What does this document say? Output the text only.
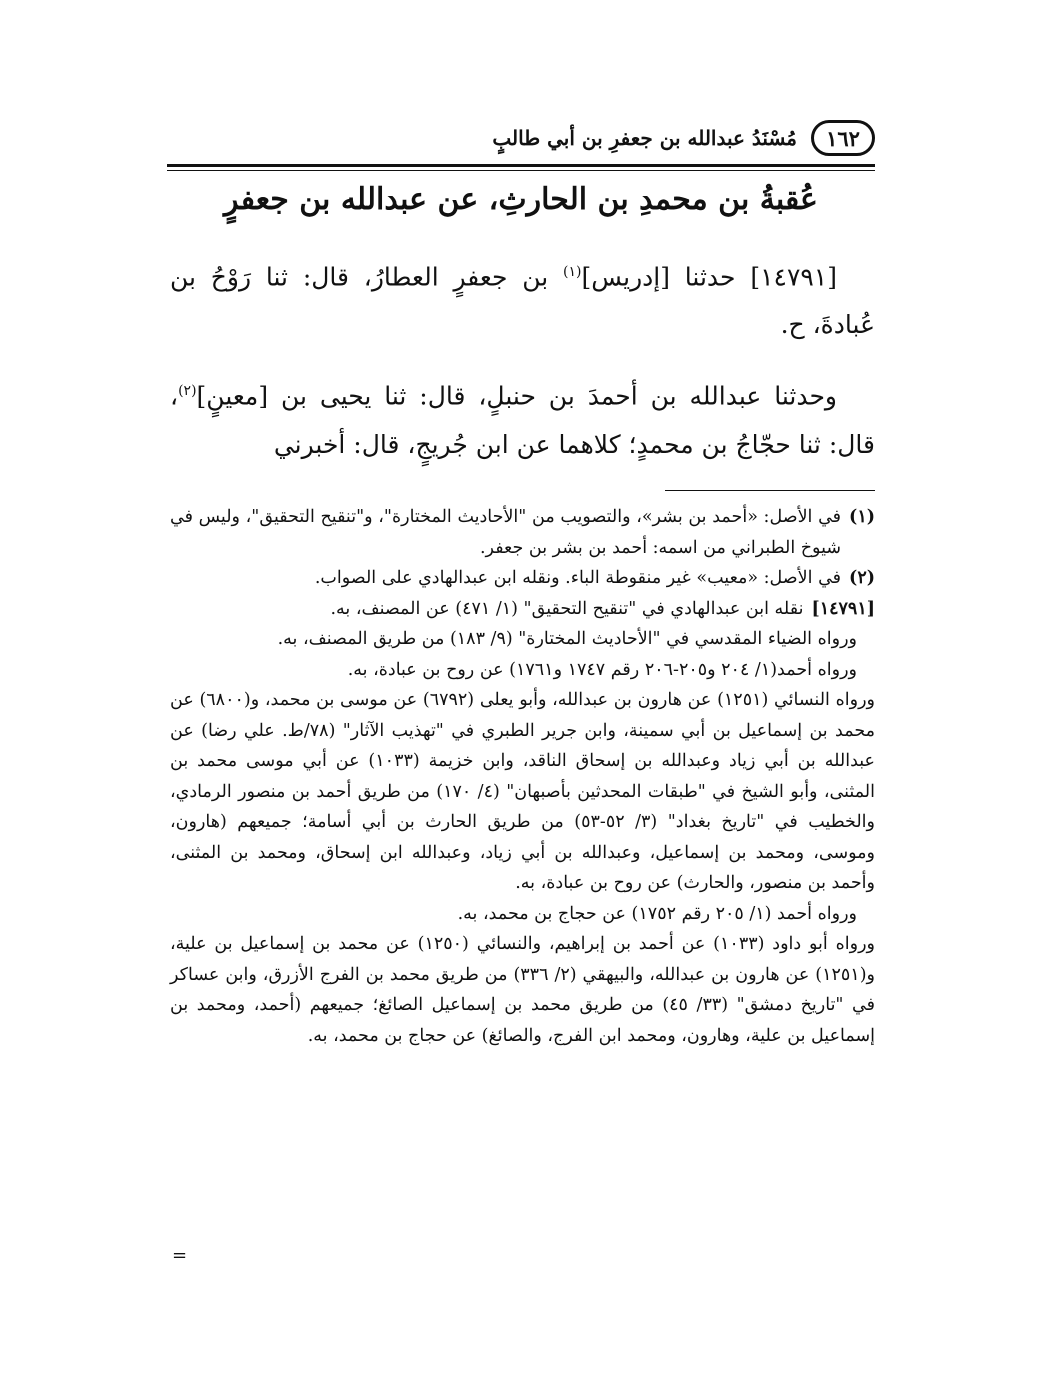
١٦٢
مُسْنَدُ عبدالله بن جعفرِ بن أبي طالبٍ
عُقبةُ بن محمدِ بن الحارثِ، عن عبدالله بن جعفرٍ

[١٤٧٩١] حدثنا [إدريس]$^{(١)}$ بن جعفرٍ العطارُ، قال: ثنا رَوْحُ بن عُبادةَ، ح.

وحدثنا عبدالله بن أحمدَ بن حنبلٍ، قال: ثنا يحيى بن [معينٍ]$^{(٢)}$، قال: ثنا حجّاجُ بن محمدٍ؛ كلاهما عن ابن جُريجٍ، قال: أخبرني

(١)
في الأصل: «أحمد بن بشر»، والتصويب من "الأحاديث المختارة"، و"تنقيح التحقيق"، وليس في شيوخ الطبراني من اسمه: أحمد بن بشر بن جعفر.
(٢)
في الأصل: «معيب» غير منقوطة الباء. ونقله ابن عبدالهادي على الصواب.
[١٤٧٩١]

نقله ابن عبدالهادي في "تنقيح التحقيق" (١/ ٤٧١) عن المصنف، به.

ورواه الضياء المقدسي في "الأحاديث المختارة" (٩/ ١٨٣) من طريق المصنف، به.

ورواه أحمد(١/ ٢٠٤ و٢٠٥-٢٠٦ رقم ١٧٤٧ و١٧٦١) عن روح بن عبادة، به.

ورواه النسائي (١٢٥١) عن هارون بن عبدالله، وأبو يعلى (٦٧٩٢) عن موسى بن محمد، و(٦٨٠٠) عن محمد بن إسماعيل بن أبي سمينة، وابن جرير الطبري في "تهذيب الآثار" (٧٨/ط. علي رضا) عن عبدالله بن أبي زياد وعبدالله بن إسحاق الناقد، وابن خزيمة (١٠٣٣) عن أبي موسى محمد بن المثنى، وأبو الشيخ في "طبقات المحدثين بأصبهان" (٤/ ١٧٠) من طريق أحمد بن منصور الرمادي، والخطيب في "تاريخ بغداد" (٣/ ٥٢-٥٣) من طريق الحارث بن أبي أسامة؛ جميعهم (هارون، وموسى، ومحمد بن إسماعيل، وعبدالله بن أبي زياد، وعبدالله ابن إسحاق، ومحمد بن المثنى، وأحمد بن منصور، والحارث) عن روح بن عبادة، به.

ورواه أحمد (١/ ٢٠٥ رقم ١٧٥٢) عن حجاج بن محمد، به.

ورواه أبو داود (١٠٣٣) عن أحمد بن إبراهيم، والنسائي (١٢٥٠) عن محمد بن إسماعيل بن علية، و(١٢٥١) عن هارون بن عبدالله، والبيهقي (٢/ ٣٣٦) من طريق محمد بن الفرج الأزرق، وابن عساكر في "تاريخ دمشق" (٣٣/ ٤٥) من طريق محمد بن إسماعيل الصائغ؛ جميعهم (أحمد، ومحمد بن إسماعيل بن علية، وهارون، ومحمد ابن الفرج، والصائغ) عن حجاج بن محمد، به.

=
